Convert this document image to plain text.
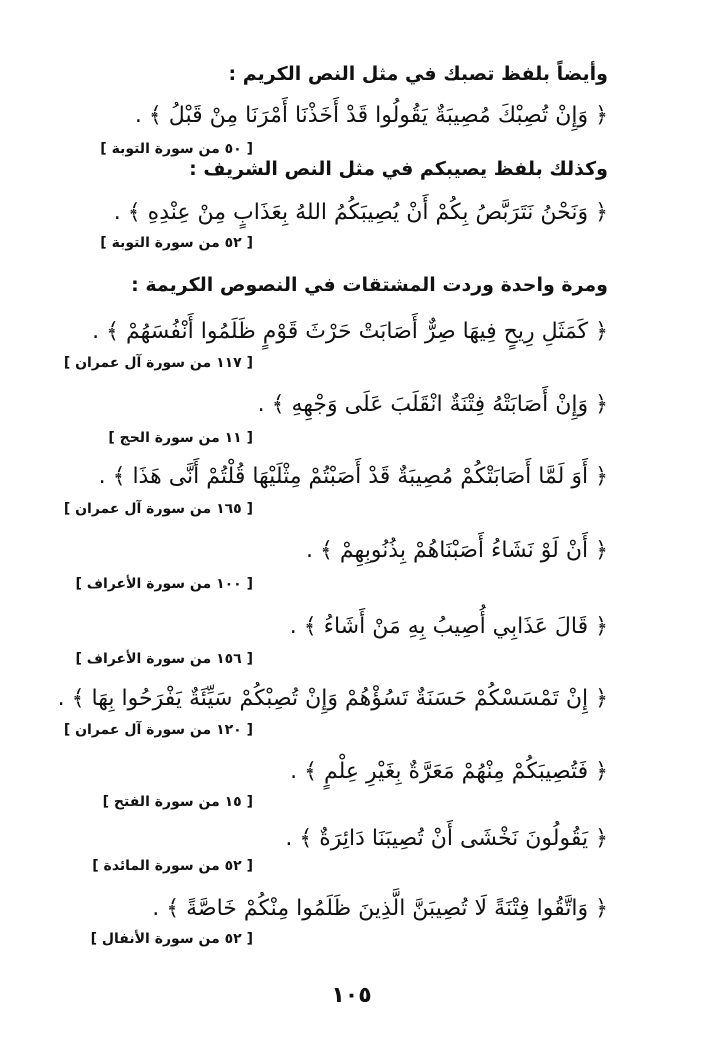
وأيضاً بلفظ تصبك في مثل النص الكريم :
﴿ وَإِنْ تُصِبْكَ مُصِيبَةٌ يَقُولُوا قَدْ أَخَذْنَا أَمْرَنَا مِنْ قَبْلُ ﴾ .
[ ٥٠ من سورة التوبة ]
وكذلك بلفظ يصيبكم في مثل النص الشريف :
﴿ وَنَحْنُ نَتَرَبَّصُ بِكُمْ أَنْ يُصِيبَكُمُ اللهُ بِعَذَابٍ مِنْ عِنْدِهِ ﴾ .
[ ٥٢ من سورة التوبة ]
ومرة واحدة وردت المشتقات في النصوص الكريمة :
﴿ كَمَثَلِ رِيحٍ فِيهَا صِرٌّ أَصَابَتْ حَرْثَ قَوْمٍ ظَلَمُوا أَنْفُسَهُمْ ﴾ .
[ ١١٧ من سورة آل عمران ]
﴿ وَإِنْ أَصَابَتْهُ فِتْنَةٌ انْقَلَبَ عَلَى وَجْهِهِ ﴾ .
[ ١١ من سورة الحج ]
﴿ أَوَ لَمَّا أَصَابَتْكُمْ مُصِيبَةٌ قَدْ أَصَبْتُمْ مِثْلَيْهَا قُلْتُمْ أَنَّى هَذَا ﴾ .
[ ١٦٥ من سورة آل عمران ]
﴿ أَنْ لَوْ نَشَاءُ أَصَبْنَاهُمْ بِذُنُوبِهِمْ ﴾ .
[ ١٠٠ من سورة الأعراف ]
﴿ قَالَ عَذَابِي أُصِيبُ بِهِ مَنْ أَشَاءُ ﴾ .
[ ١٥٦ من سورة الأعراف ]
﴿ إِنْ تَمْسَسْكُمْ حَسَنَةٌ تَسُؤْهُمْ وَإِنْ تُصِبْكُمْ سَيِّئَةٌ يَفْرَحُوا بِهَا ﴾ .
[ ١٢٠ من سورة آل عمران ]
﴿ فَتُصِيبَكُمْ مِنْهُمْ مَعَرَّةٌ بِغَيْرِ عِلْمٍ ﴾ .
[ ١٥ من سورة الفتح ]
﴿ يَقُولُونَ نَخْشَى أَنْ تُصِيبَنَا دَائِرَةٌ ﴾ .
[ ٥٢ من سورة المائدة ]
﴿ وَاتَّقُوا فِتْنَةً لَا تُصِيبَنَّ الَّذِينَ ظَلَمُوا مِنْكُمْ خَاصَّةً ﴾ .
[ ٥٢ من سورة الأنفال ]
١٠٥
